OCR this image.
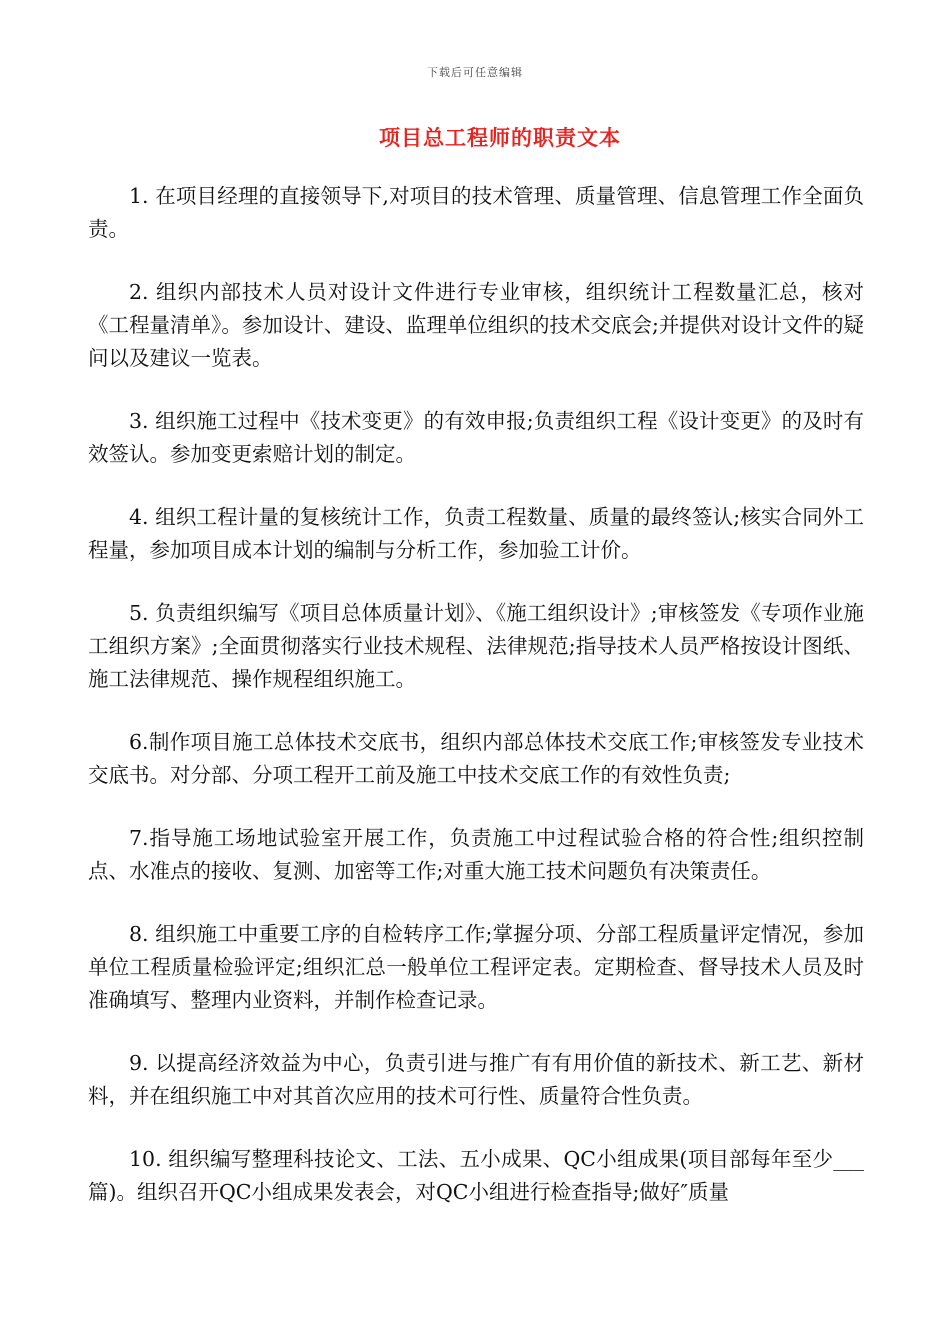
下载后可任意编辑
项目总工程师的职责文本

1. 在项目经理的直接领导下,对项目的技术管理、质量管理、信息管理工作全面负责。

2. 组织内部技术人员对设计文件进行专业审核，组织统计工程数量汇总，核对《工程量清单》。参加设计、建设、监理单位组织的技术交底会;并提供对设计文件的疑问以及建议一览表。

3. 组织施工过程中《技术变更》的有效申报;负责组织工程《设计变更》的及时有效签认。参加变更索赔计划的制定。

4. 组织工程计量的复核统计工作，负责工程数量、质量的最终签认;核实合同外工程量，参加项目成本计划的编制与分析工作，参加验工计价。

5. 负责组织编写《项目总体质量计划》、《施工组织设计》;审核签发《专项作业施工组织方案》;全面贯彻落实行业技术规程、法律规范;指导技术人员严格按设计图纸、施工法律规范、操作规程组织施工。

6.制作项目施工总体技术交底书，组织内部总体技术交底工作;审核签发专业技术交底书。对分部、分项工程开工前及施工中技术交底工作的有效性负责;

7.指导施工场地试验室开展工作，负责施工中过程试验合格的符合性;组织控制点、水准点的接收、复测、加密等工作;对重大施工技术问题负有决策责任。

8. 组织施工中重要工序的自检转序工作;掌握分项、分部工程质量评定情况，参加单位工程质量检验评定;组织汇总一般单位工程评定表。定期检查、督导技术人员及时准确填写、整理内业资料，并制作检查记录。

9. 以提高经济效益为中心，负责引进与推广有有用价值的新技术、新工艺、新材料，并在组织施工中对其首次应用的技术可行性、质量符合性负责。

10. 组织编写整理科技论文、工法、五小成果、QC小组成果(项目部每年至少___篇)。组织召开QC小组成果发表会，对QC小组进行检查指导;做好″质量
